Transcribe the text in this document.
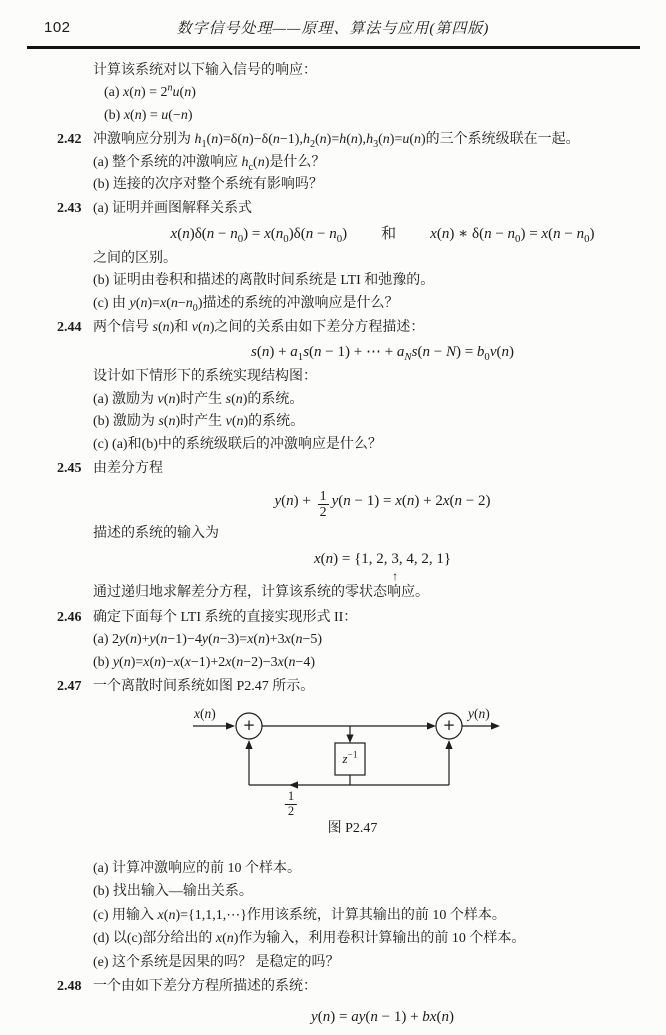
102	数字信号处理——原理、算法与应用(第四版)
计算该系统对以下输入信号的响应：
(a) $x(n) = 2^nu(n)$
(b) x(n) = u(−n)
2.42 冲激响应分别为 $h_1(n)=\delta(n)-\delta(n-1),h_2(n)=h(n),h_3(n)=u(n)$的三个系统级联在一起。
(a) 整个系统的冲激响应 $h_c(n)$是什么？
(b) 连接的次序对整个系统有影响吗？
2.43 (a) 证明并画图解释关系式
$x(n)\delta(n - n_0) = x(n_0)\delta(n - n_0)$ 和 x(n) ∗ $\delta(n - n_0) = x(n - n_0)$
之间的区别。
(b) 证明由卷积和描述的离散时间系统是 LTI 和弛豫的。
(c) 由 $y(n)=x(n-n_0)$描述的系统的冲激响应是什么？
2.44 两个信号 s(n)和 v(n)之间的关系由如下差分方程描述：
$s(n) + a_1s(n - 1)$ + ⋯ + $a_Ns(n - N) = b_0v(n)$
设计如下情形下的系统实现结构图：
(a) 激励为 v(n)时产生 s(n)的系统。
(b) 激励为 s(n)时产生 v(n)的系统。
(c) (a)和(b)中的系统级联后的冲激响应是什么？
2.45 由差分方程
$y(n) + \frac{1}{2} y(n - 1) = x(n) + 2x(n - 2)$
描述的系统的输入为
x(n) = {1, 2, 3
↑
, 4, 2, 1}
通过递归地求解差分方程，计算该系统的零状态响应。
2.46 确定下面每个 LTI 系统的直接实现形式 II：
(a) 2y(n)+y(n−1)−4y(n−3)=x(n)+3x(n−5)
(b) y(n)=x(n)−x(x−1)+2x(n−2)−3x(n−4)
2.47 一个离散时间系统如图 P2.47 所示。
x(n)
+
$z^{-1}$
+
y(n)
$\frac{1}{2}$
图 P2.47
(a) 计算冲激响应的前 10 个样本。
(b) 找出输入—输出关系。
(c) 用输入 x(n)={1,1,1,⋯}作用该系统，计算其输出的前 10 个样本。
(d) 以(c)部分给出的 x(n)作为输入，利用卷积计算输出的前 10 个样本。
(e) 这个系统是因果的吗？ 是稳定的吗？
2.48 一个由如下差分方程所描述的系统：
y(n) = ay(n − 1) + bx(n)
